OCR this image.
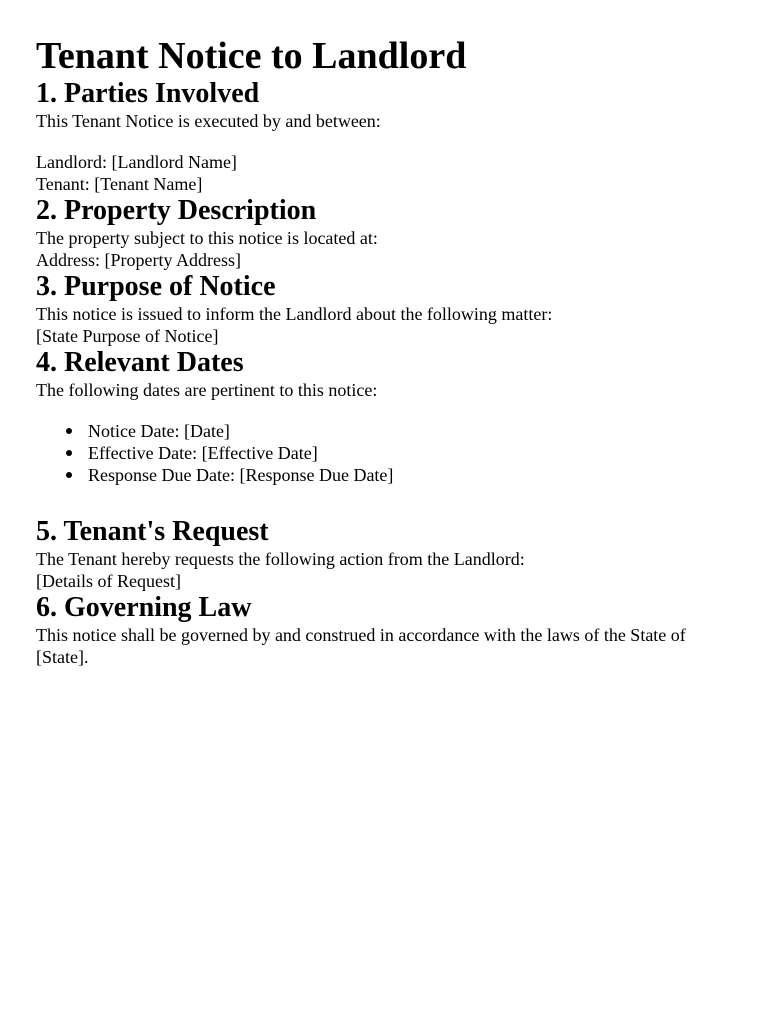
Tenant Notice to Landlord
1. Parties Involved

This Tenant Notice is executed by and between:

Landlord: [Landlord Name]

Tenant: [Tenant Name]

2. Property Description

The property subject to this notice is located at:

Address: [Property Address]

3. Purpose of Notice

This notice is issued to inform the Landlord about the following matter:

[State Purpose of Notice]

4. Relevant Dates

The following dates are pertinent to this notice:

Notice Date: [Date]
Effective Date: [Effective Date]
Response Due Date: [Response Due Date]
5. Tenant's Request

The Tenant hereby requests the following action from the Landlord:

[Details of Request]

6. Governing Law

This notice shall be governed by and construed in accordance with the laws of the State of [State].
